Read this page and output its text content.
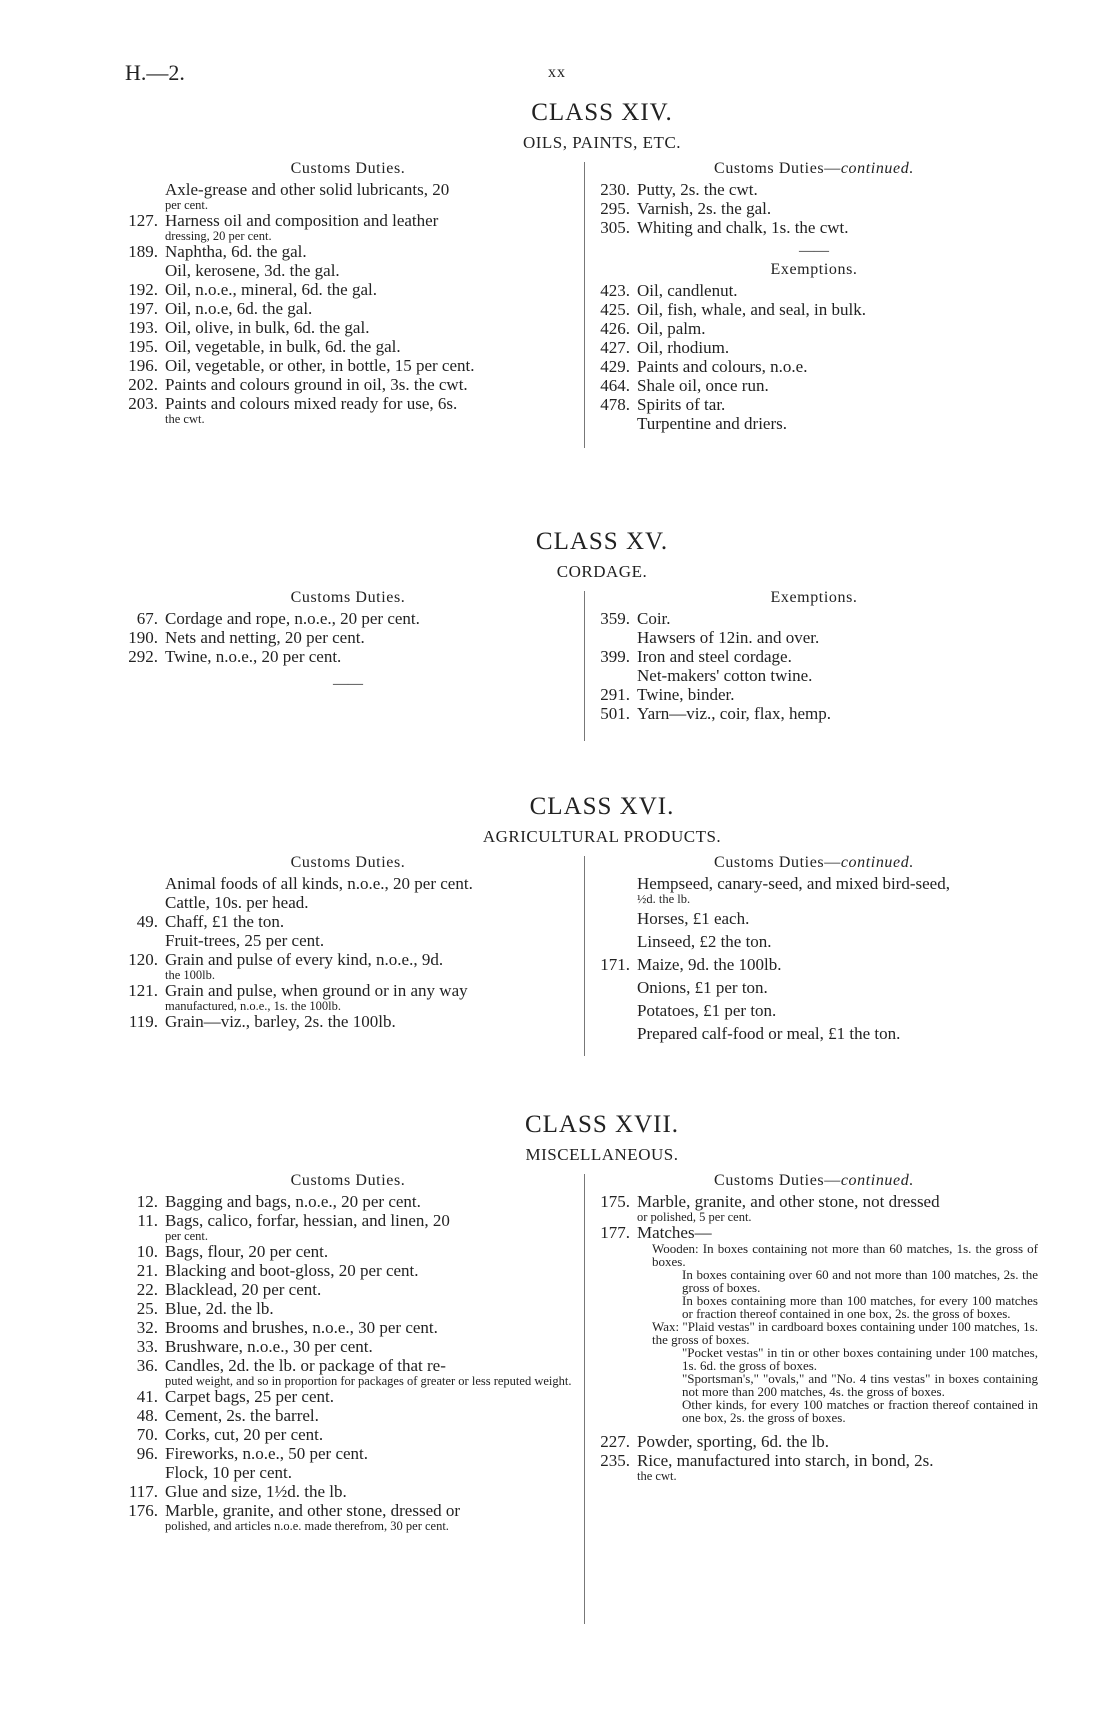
H.—2.	xx
CLASS XIV.
OILS, PAINTS, ETC.
Customs Duties.
Axle-grease and other solid lubricants, 20
per cent.
127. Harness oil and composition and leather
dressing, 20 per cent.
189. Naphtha, 6d. the gal.
Oil, kerosene, 3d. the gal.
192. Oil, n.o.e., mineral, 6d. the gal.
197. Oil, n.o.e, 6d. the gal.
193. Oil, olive, in bulk, 6d. the gal.
195. Oil, vegetable, in bulk, 6d. the gal.
196. Oil, vegetable, or other, in bottle, 15 per cent.
202. Paints and colours ground in oil, 3s. the cwt.
203. Paints and colours mixed ready for use, 6s.
the cwt.
Customs Duties—continued.
230. Putty, 2s. the cwt.
295. Varnish, 2s. the gal.
305. Whiting and chalk, 1s. the cwt.
——
Exemptions.
423. Oil, candlenut.
425. Oil, fish, whale, and seal, in bulk.
426. Oil, palm.
427. Oil, rhodium.
429. Paints and colours, n.o.e.
464. Shale oil, once run.
478. Spirits of tar.
Turpentine and driers.
CLASS XV.
CORDAGE.
Customs Duties.
67. Cordage and rope, n.o.e., 20 per cent.
190. Nets and netting, 20 per cent.
292. Twine, n.o.e., 20 per cent.
——
Exemptions.
359. Coir.
Hawsers of 12in. and over.
399. Iron and steel cordage.
Net-makers' cotton twine.
291. Twine, binder.
501. Yarn—viz., coir, flax, hemp.
CLASS XVI.
AGRICULTURAL PRODUCTS.
Customs Duties.
Animal foods of all kinds, n.o.e., 20 per cent.
Cattle, 10s. per head.
49. Chaff, £1 the ton.
Fruit-trees, 25 per cent.
120. Grain and pulse of every kind, n.o.e., 9d.
the 100lb.
121. Grain and pulse, when ground or in any way
manufactured, n.o.e., 1s. the 100lb.
119. Grain—viz., barley, 2s. the 100lb.
Customs Duties—continued.
Hempseed, canary-seed, and mixed bird-seed,
½d. the lb.
Horses, £1 each.
Linseed, £2 the ton.
171. Maize, 9d. the 100lb.
Onions, £1 per ton.
Potatoes, £1 per ton.
Prepared calf-food or meal, £1 the ton.
CLASS XVII.
MISCELLANEOUS.
Customs Duties.
12. Bagging and bags, n.o.e., 20 per cent.
11. Bags, calico, forfar, hessian, and linen, 20
per cent.
10. Bags, flour, 20 per cent.
21. Blacking and boot-gloss, 20 per cent.
22. Blacklead, 20 per cent.
25. Blue, 2d. the lb.
32. Brooms and brushes, n.o.e., 30 per cent.
33. Brushware, n.o.e., 30 per cent.
36. Candles, 2d. the lb. or package of that re-
puted weight, and so in proportion for packages of greater or less reputed weight.
41. Carpet bags, 25 per cent.
48. Cement, 2s. the barrel.
70. Corks, cut, 20 per cent.
96. Fireworks, n.o.e., 50 per cent.
Flock, 10 per cent.
117. Glue and size, 1½d. the lb.
176. Marble, granite, and other stone, dressed or
polished, and articles n.o.e. made therefrom, 30 per cent.
Customs Duties—continued.
175. Marble, granite, and other stone, not dressed
or polished, 5 per cent.
177. Matches—
Wooden: In boxes containing not more than 60 matches, 1s. the gross of boxes.
In boxes containing over 60 and not more than 100 matches, 2s. the gross of boxes.
In boxes containing more than 100 matches, for every 100 matches or fraction thereof contained in one box, 2s. the gross of boxes.
Wax: "Plaid vestas" in cardboard boxes containing under 100 matches, 1s. the gross of boxes.
"Pocket vestas" in tin or other boxes containing under 100 matches, 1s. 6d. the gross of boxes.
"Sportsman's," "ovals," and "No. 4 tins vestas" in boxes containing not more than 200 matches, 4s. the gross of boxes.
Other kinds, for every 100 matches or fraction thereof contained in one box, 2s. the gross of boxes.
227. Powder, sporting, 6d. the lb.
235. Rice, manufactured into starch, in bond, 2s.
the cwt.
